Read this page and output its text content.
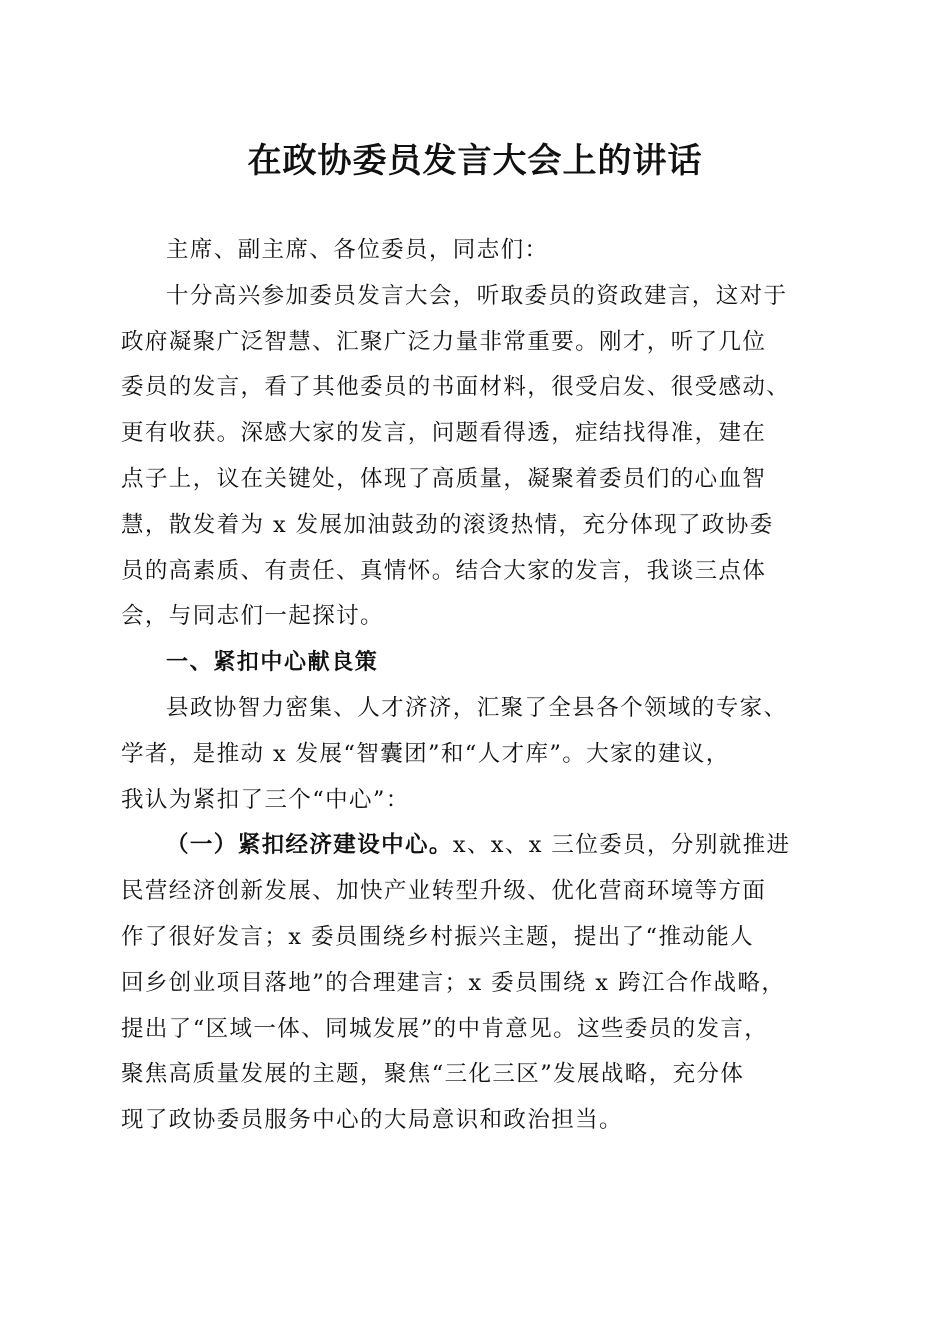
在政协委员发言大会上的讲话
主席、副主席、各位委员，同志们：
十分高兴参加委员发言大会，听取委员的资政建言，这对于
政府凝聚广泛智慧、汇聚广泛力量非常重要。刚才，听了几位
委员的发言，看了其他委员的书面材料，很受启发、很受感动、
更有收获。深感大家的发言，问题看得透，症结找得准，建在
点子上，议在关键处，体现了高质量，凝聚着委员们的心血智
慧，散发着为 x 发展加油鼓劲的滚烫热情，充分体现了政协委
员的高素质、有责任、真情怀。结合大家的发言，我谈三点体
会，与同志们一起探讨。
一、紧扣中心献良策
县政协智力密集、人才济济，汇聚了全县各个领域的专家、
学者，是推动 x 发展“智囊团”和“人才库”。大家的建议，
我认为紧扣了三个“中心”：
（一）紧扣经济建设中心。x、x、x 三位委员，分别就推进
民营经济创新发展、加快产业转型升级、优化营商环境等方面
作了很好发言；x 委员围绕乡村振兴主题，提出了“推动能人
回乡创业项目落地”的合理建言；x 委员围绕 x 跨江合作战略，
提出了“区域一体、同城发展”的中肯意见。这些委员的发言，
聚焦高质量发展的主题，聚焦“三化三区”发展战略，充分体
现了政协委员服务中心的大局意识和政治担当。
